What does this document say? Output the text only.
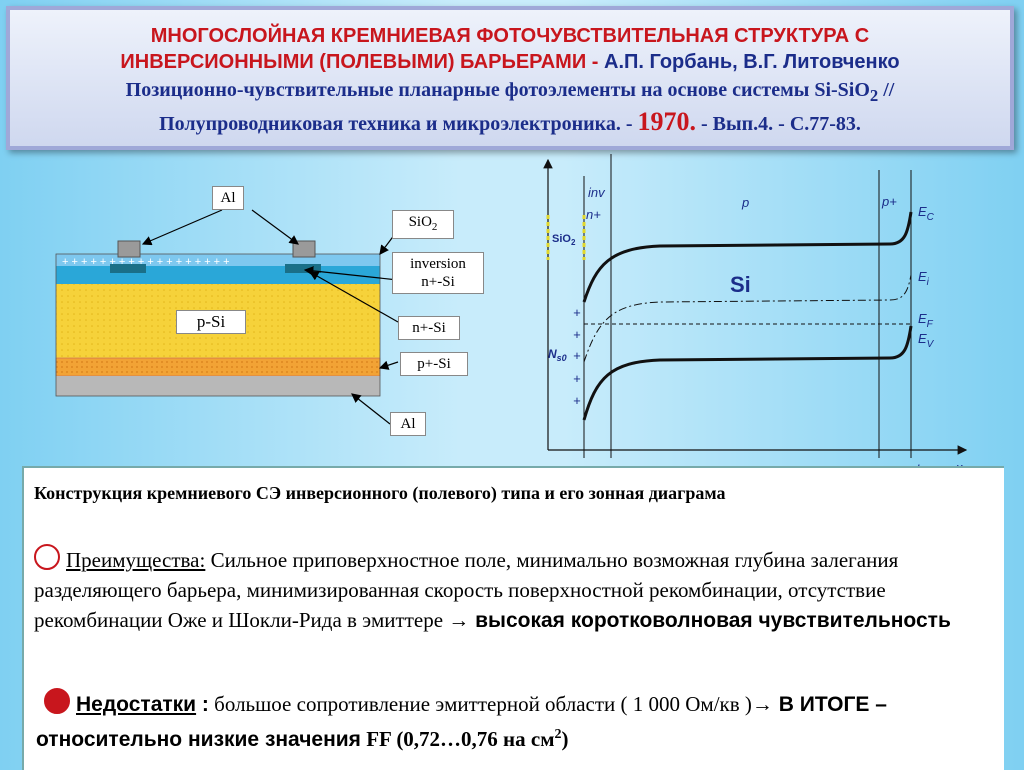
МНОГОСЛОЙНАЯ КРЕМНИЕВАЯ ФОТОЧУВСТВИТЕЛЬНАЯ СТРУКТУРА С
ИНВЕРСИОННЫМИ (ПОЛЕВЫМИ) БАРЬЕРАМИ - А.П. Горбань, В.Г. Литовченко
Позиционно-чувствительные планарные фотоэлементы на основе системы Si-SiO$_2$ //
Полупроводниковая техника и микроэлектроника. - 1970. - Вып.4. - С.77-83.
+ + + + + + + + + + + + + + + + + +
inv
n+
SiO$_2$
p	p+
$E_C$
$E_i$
$E_F$
$E_V$
Si
$N_{s0}$
+
+
+
+
+
Al
SiO$_2$
inversion
n+-Si
p-Si	n+-Si
p+-Si
Al
Конструкция кремниевого СЭ инверсионного (полевого) типа и его зонная диаграма
Преимущества: Сильное приповерхностное поле, минимально возможная глубина залегания разделяющего барьера, минимизированная скорость поверхностной рекомбинации, отсутствие рекомбинации Оже и Шокли-Рида в эмиттере → высокая коротковолновая чувствительность
Недостатки : большое сопротивление эмиттерной области ( 1 000 Ом/кв )→ В ИТОГЕ – относительно низкие значения FF (0,72…0,76 на $см^2$)
